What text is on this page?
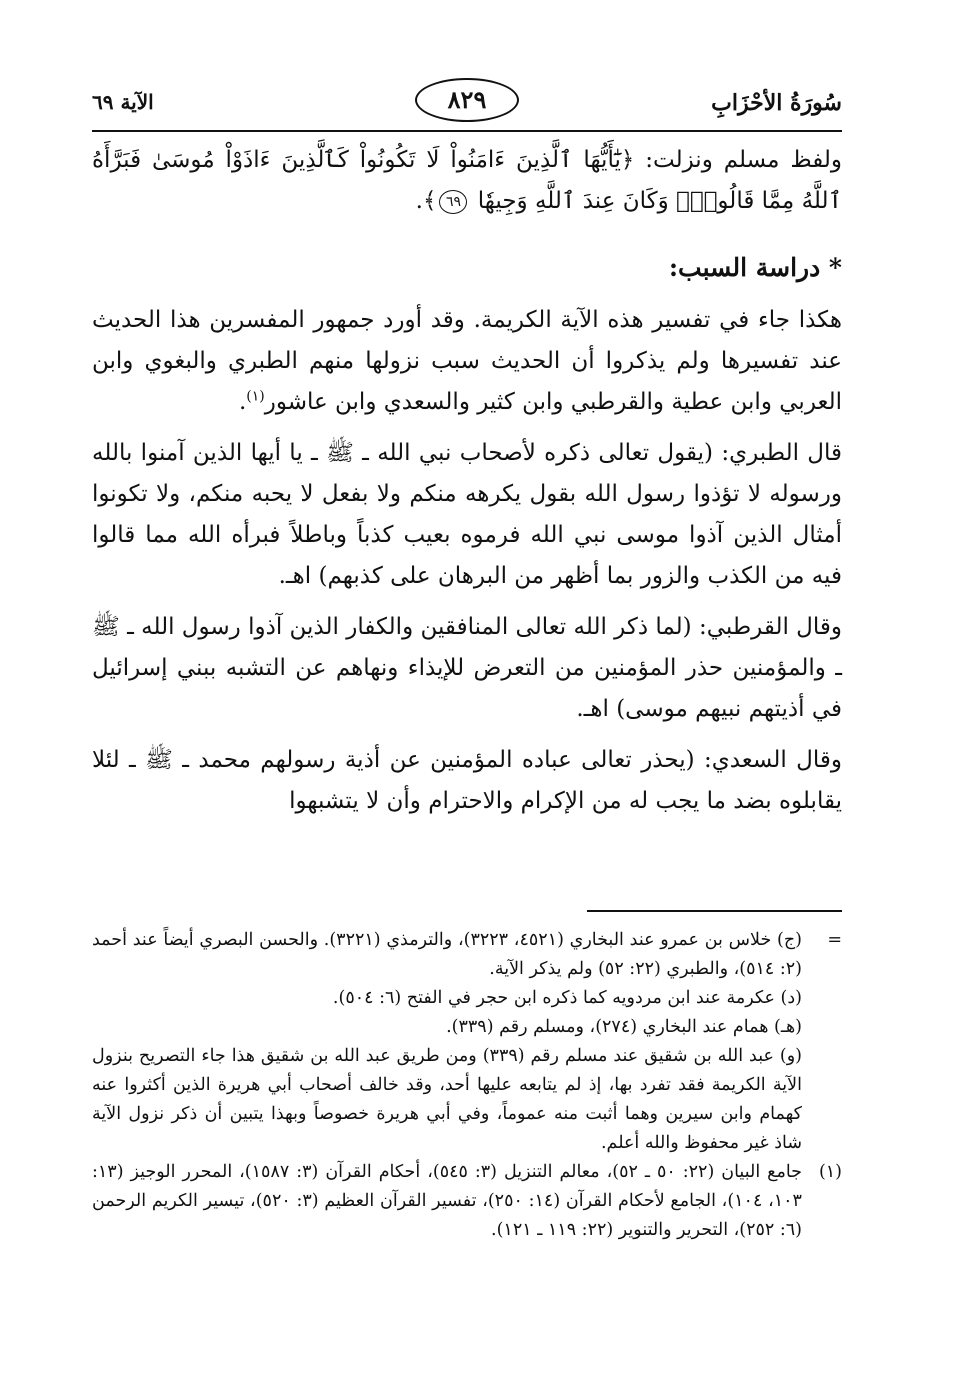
سُورَةُ الأحْزَابِ
٨٢٩
الآية ٦٩

ولفظ مسلم ونزلت: ﴿يَٰٓأَيُّهَا ٱلَّذِينَ ءَامَنُواْ لَا تَكُونُواْ كَٱلَّذِينَ ءَاذَوْاْ مُوسَىٰ فَبَرَّأَهُ ٱللَّهُ مِمَّا قَالُواْۚ وَكَانَ عِندَ ٱللَّهِ وَجِيهٗا ٦٩﴾.

* دراسة السبب:

هكذا جاء في تفسير هذه الآية الكريمة. وقد أورد جمهور المفسرين هذا الحديث عند تفسيرها ولم يذكروا أن الحديث سبب نزولها منهم الطبري والبغوي وابن العربي وابن عطية والقرطبي وابن كثير والسعدي وابن عاشور$^{(١)}$.

قال الطبري: (يقول تعالى ذكره لأصحاب نبي الله ـ ﷺ ـ يا أيها الذين آمنوا بالله ورسوله لا تؤذوا رسول الله بقول يكرهه منكم ولا بفعل لا يحبه منكم، ولا تكونوا أمثال الذين آذوا موسى نبي الله فرموه بعيب كذباً وباطلاً فبرأه الله مما قالوا فيه من الكذب والزور بما أظهر من البرهان على كذبهم) اهـ.

وقال القرطبي: (لما ذكر الله تعالى المنافقين والكفار الذين آذوا رسول الله ـ ﷺ ـ والمؤمنين حذر المؤمنين من التعرض للإيذاء ونهاهم عن التشبه ببني إسرائيل في أذيتهم نبيهم موسى) اهـ.

وقال السعدي: (يحذر تعالى عباده المؤمنين عن أذية رسولهم محمد ـ ﷺ ـ لئلا يقابلوه بضد ما يجب له من الإكرام والاحترام وأن لا يتشبهوا

=

(ج) خلاس بن عمرو عند البخاري (٤٥٢١، ٣٢٢٣)، والترمذي (٣٢٢١). والحسن البصري أيضاً عند أحمد (٢: ٥١٤)، والطبري (٢٢: ٥٢) ولم يذكر الآية.

(د) عكرمة عند ابن مردويه كما ذكره ابن حجر في الفتح (٦: ٥٠٤).

(هـ) همام عند البخاري (٢٧٤)، ومسلم رقم (٣٣٩).

(و) عبد الله بن شقيق عند مسلم رقم (٣٣٩) ومن طريق عبد الله بن شقيق هذا جاء التصريح بنزول الآية الكريمة فقد تفرد بها، إذ لم يتابعه عليها أحد، وقد خالف أصحاب أبي هريرة الذين أكثروا عنه كهمام وابن سيرين وهما أثبت منه عموماً، وفي أبي هريرة خصوصاً وبهذا يتبين أن ذكر نزول الآية شاذ غير محفوظ والله أعلم.

(١)

جامع البيان (٢٢: ٥٠ ـ ٥٢)، معالم التنزيل (٣: ٥٤٥)، أحكام القرآن (٣: ١٥٨٧)، المحرر الوجيز (١٣: ١٠٣، ١٠٤)، الجامع لأحكام القرآن (١٤: ٢٥٠)، تفسير القرآن العظيم (٣: ٥٢٠)، تيسير الكريم الرحمن (٦: ٢٥٢)، التحرير والتنوير (٢٢: ١١٩ ـ ١٢١).
